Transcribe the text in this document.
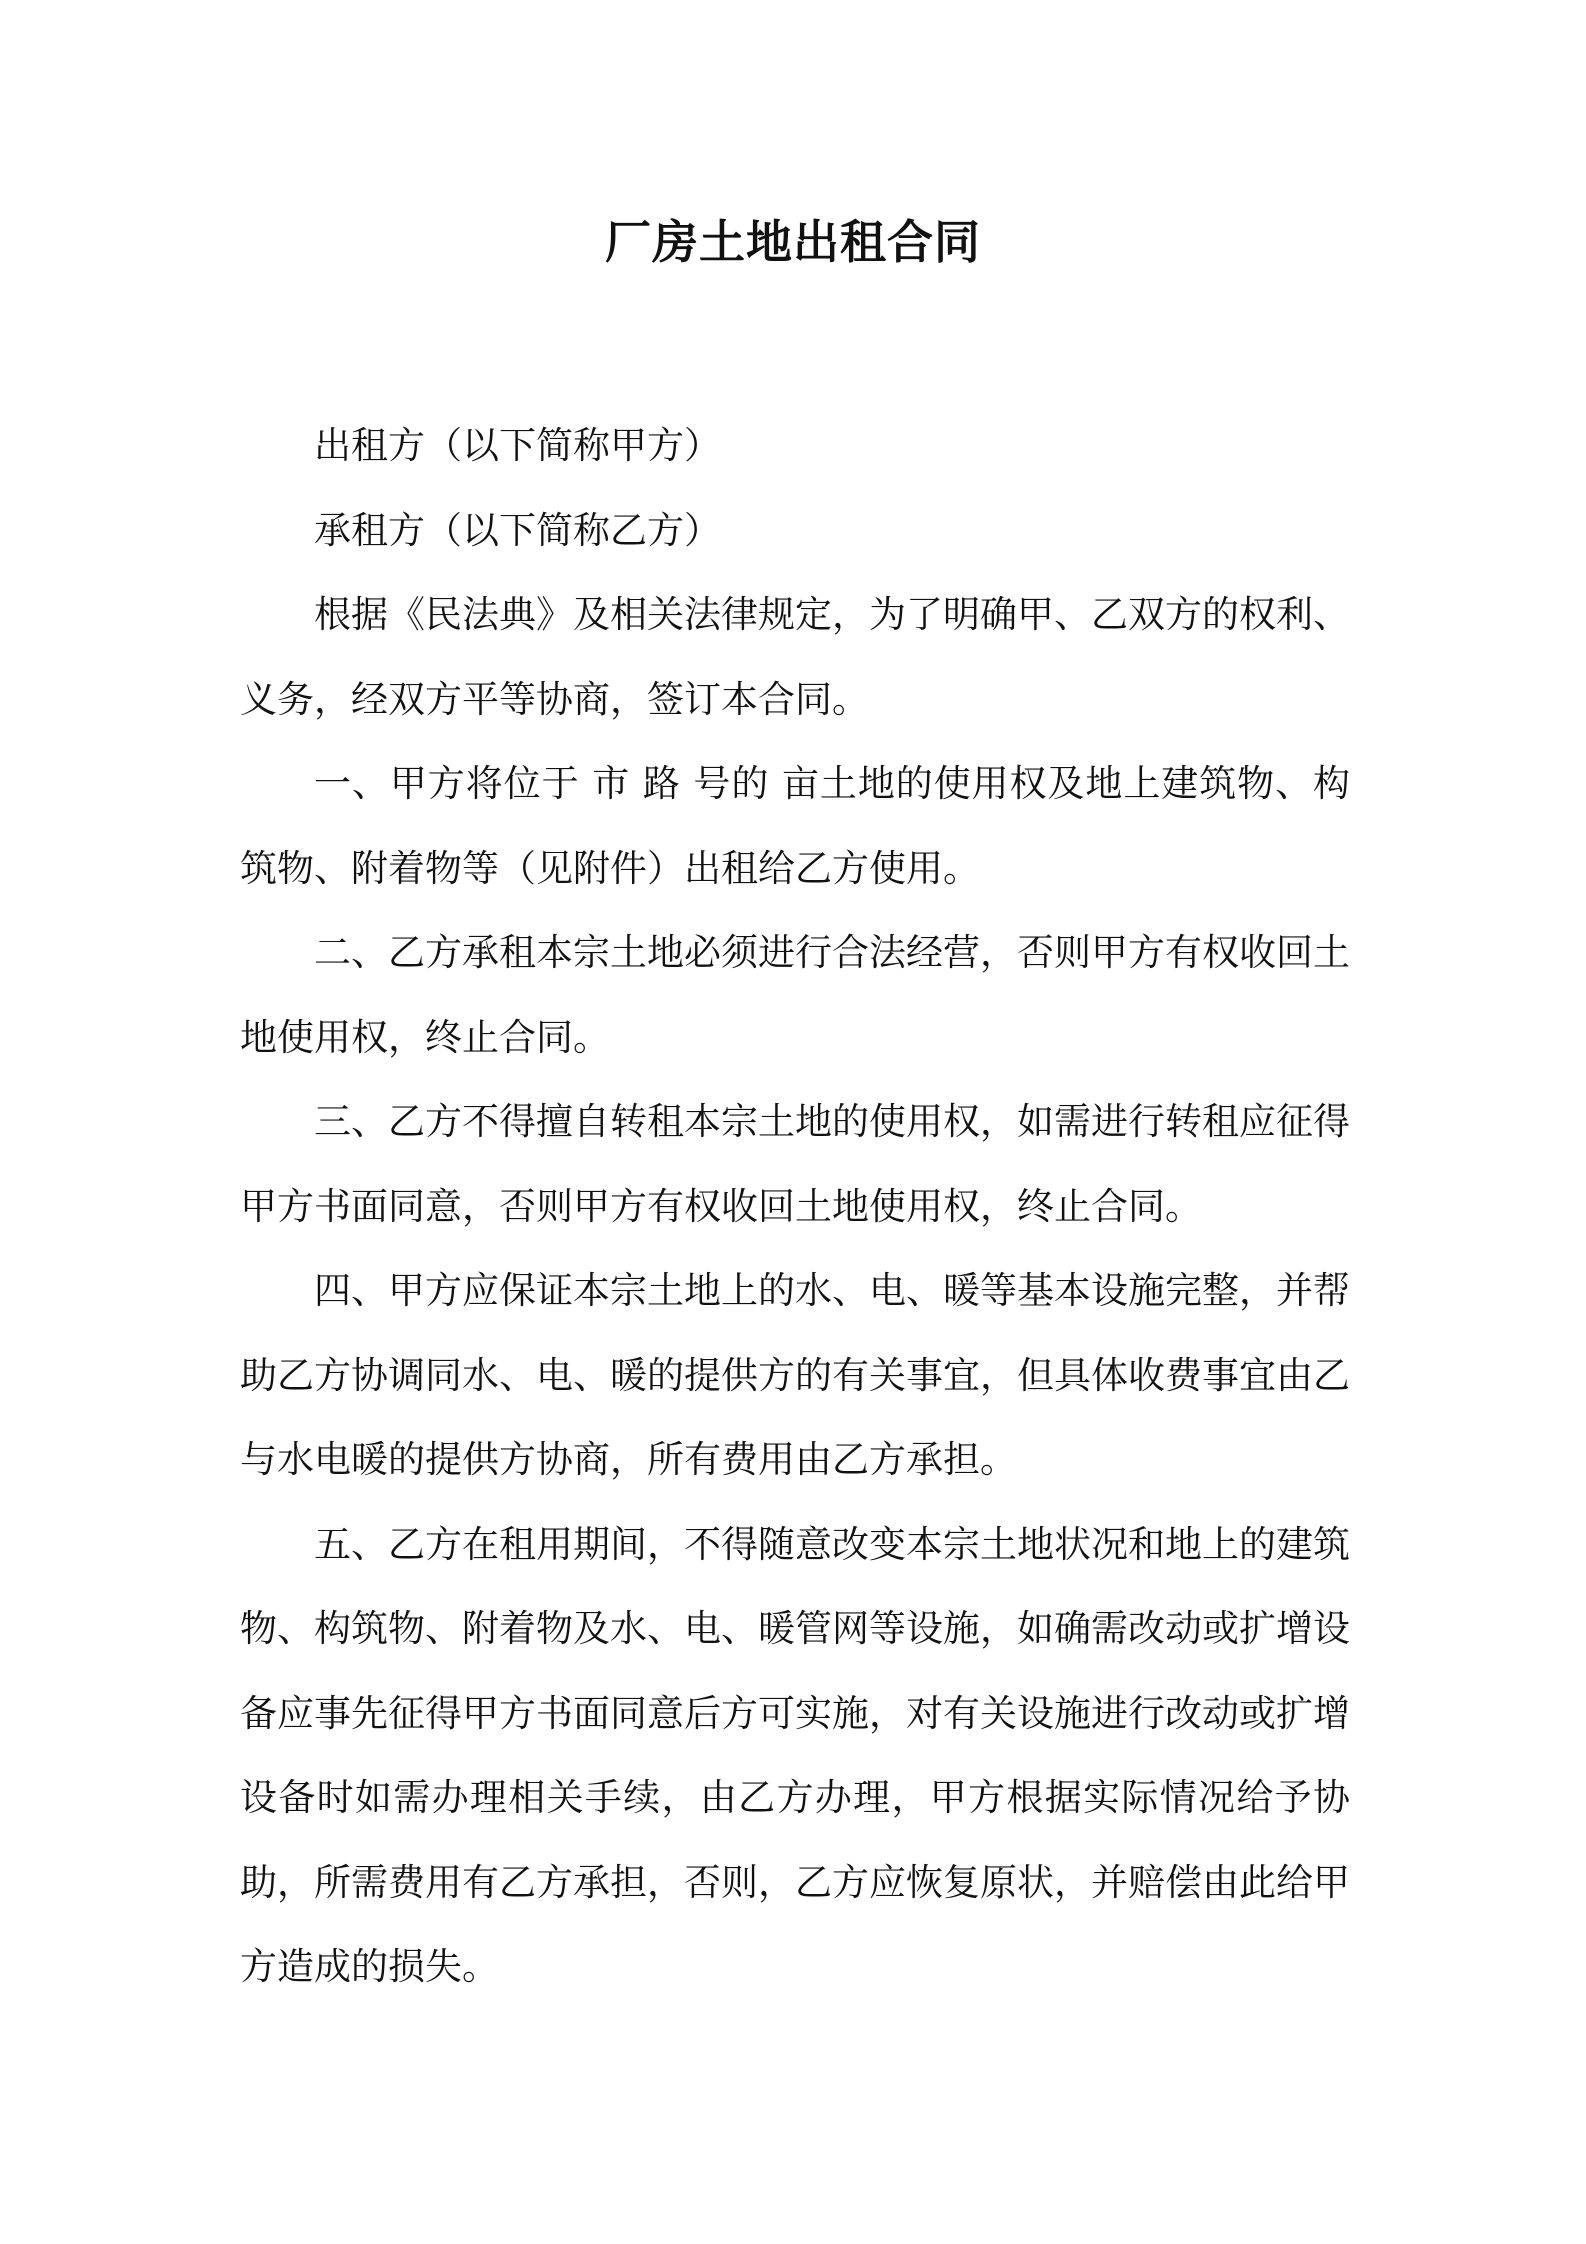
厂房土地出租合同

出租方（以下简称甲方）

承租方（以下简称乙方）

根据《民法典》及相关法律规定，为了明确甲、乙双方的权利、义务，经双方平等协商，签订本合同。

一、甲方将位于 市 路 号的 亩土地的使用权及地上建筑物、构筑物、附着物等（见附件）出租给乙方使用。

二、乙方承租本宗土地必须进行合法经营，否则甲方有权收回土地使用权，终止合同。

三、乙方不得擅自转租本宗土地的使用权，如需进行转租应征得甲方书面同意，否则甲方有权收回土地使用权，终止合同。

四、甲方应保证本宗土地上的水、电、暖等基本设施完整，并帮助乙方协调同水、电、暖的提供方的有关事宜，但具体收费事宜由乙与水电暖的提供方协商，所有费用由乙方承担。

五、乙方在租用期间，不得随意改变本宗土地状况和地上的建筑物、构筑物、附着物及水、电、暖管网等设施，如确需改动或扩增设备应事先征得甲方书面同意后方可实施，对有关设施进行改动或扩增设备时如需办理相关手续，由乙方办理，甲方根据实际情况给予协助，所需费用有乙方承担，否则，乙方应恢复原状，并赔偿由此给甲方造成的损失。
